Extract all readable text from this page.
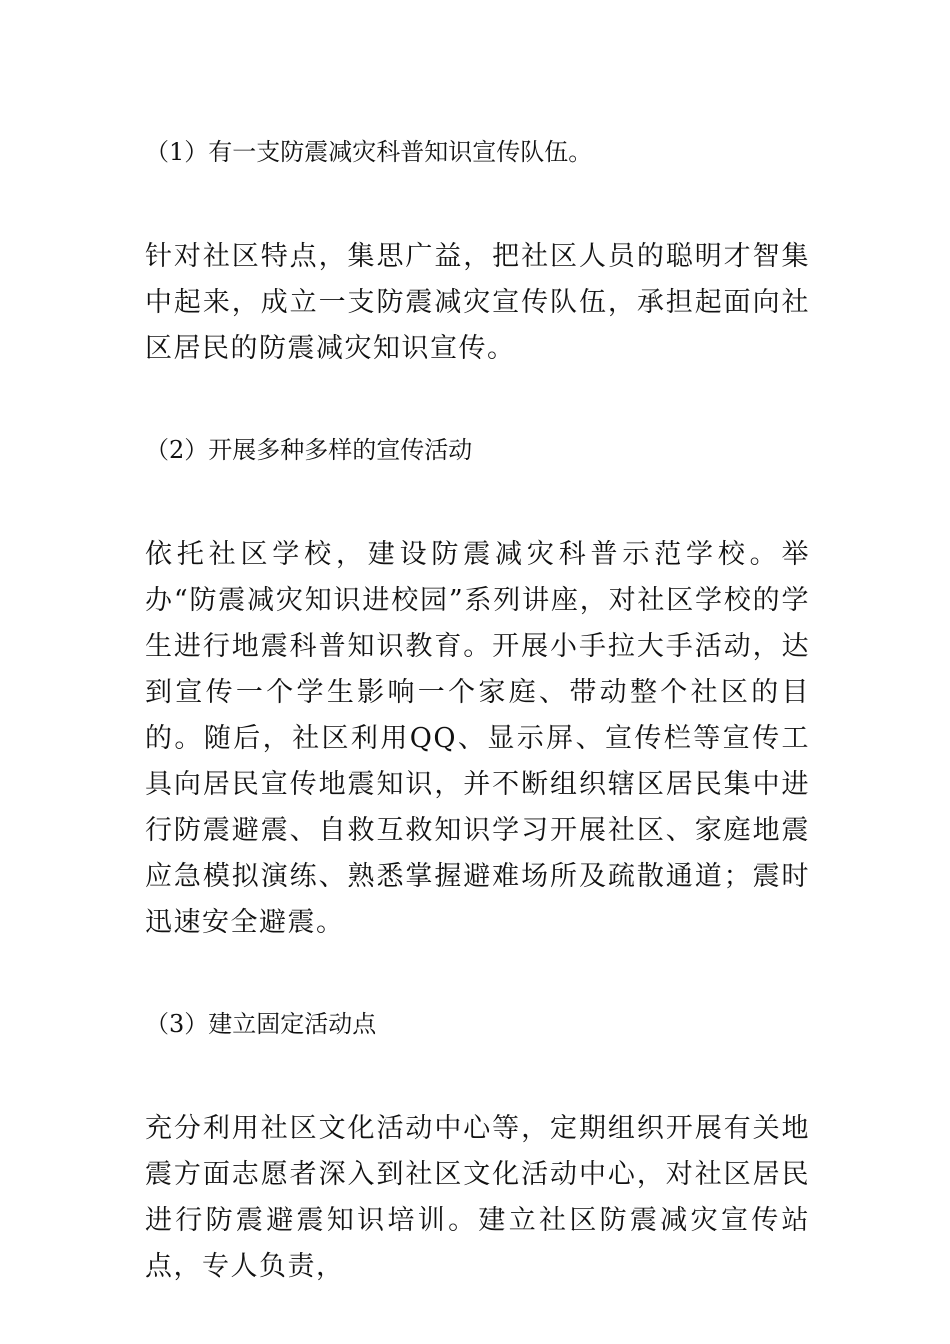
（1）有一支防震减灾科普知识宣传队伍。

针对社区特点，集思广益，把社区人员的聪明才智集中起来，成立一支防震减灾宣传队伍，承担起面向社区居民的防震减灾知识宣传。

（2）开展多种多样的宣传活动

依托社区学校，建设防震减灾科普示范学校。举办“防震减灾知识进校园”系列讲座，对社区学校的学生进行地震科普知识教育。开展小手拉大手活动，达到宣传一个学生影响一个家庭、带动整个社区的目的。随后，社区利用QQ、显示屏、宣传栏等宣传工具向居民宣传地震知识，并不断组织辖区居民集中进行防震避震、自救互救知识学习开展社区、家庭地震应急模拟演练、熟悉掌握避难场所及疏散通道；震时迅速安全避震。

（3）建立固定活动点

充分利用社区文化活动中心等，定期组织开展有关地震方面志愿者深入到社区文化活动中心，对社区居民进行防震避震知识培训。建立社区防震减灾宣传站点，专人负责，
